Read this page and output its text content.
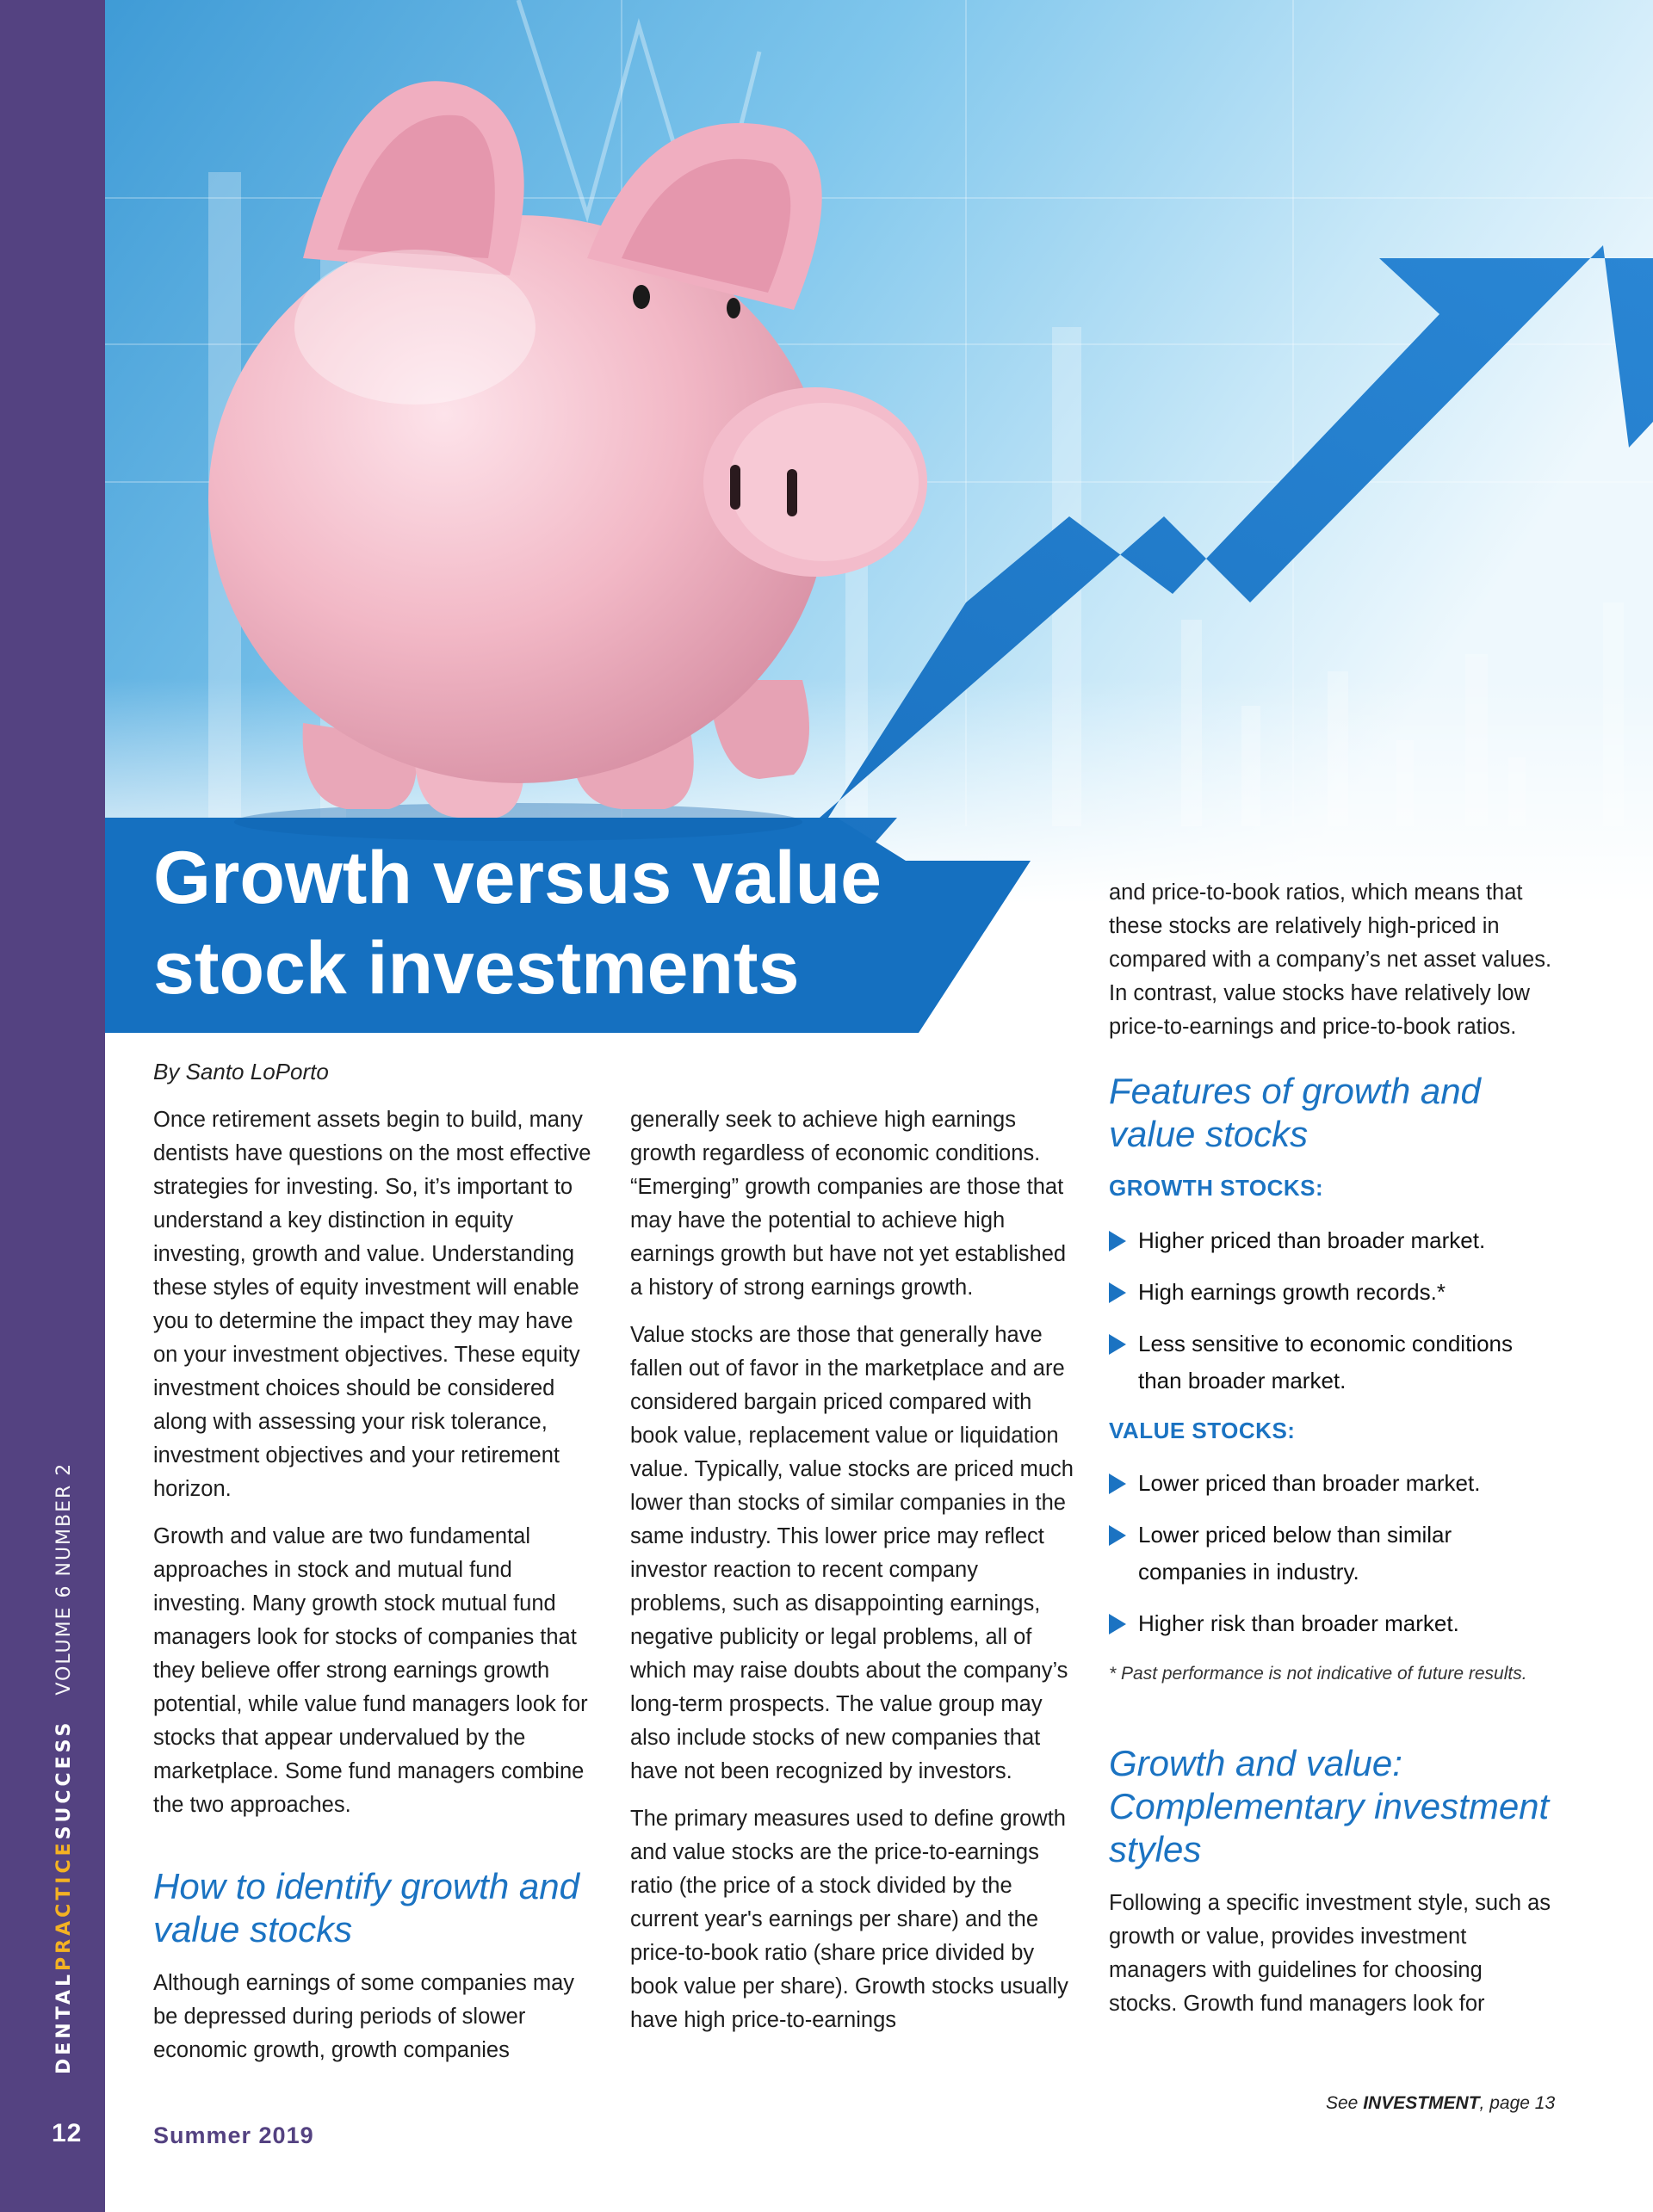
DENTALPRACTICESUCCESSVOLUME 6 NUMBER 2
12	Summer 2019
Growth versus value
stock investments
By Santo LoPorto

Once retirement assets begin to build, many dentists have questions on the most effective strategies for investing. So, it’s important to understand a key distinction in equity investing, growth and value. Understanding these styles of equity investment will enable you to determine the impact they may have on your investment objectives. These equity investment choices should be considered along with assessing your risk tolerance, investment objectives and your retirement horizon.

Growth and value are two fundamental approaches in stock and mutual fund investing. Many growth stock mutual fund managers look for stocks of companies that they believe offer strong earnings growth potential, while value fund managers look for stocks that appear undervalued by the marketplace. Some fund managers combine the two approaches.

How to identify growth and value stocks

Although earnings of some companies may be depressed during periods of slower economic growth, growth companies

generally seek to achieve high earnings growth regardless of economic conditions. “Emerging” growth companies are those that may have the potential to achieve high earnings growth but have not yet established a history of strong earnings growth.

Value stocks are those that generally have fallen out of favor in the marketplace and are considered bargain priced compared with book value, replacement value or liquidation value. Typically, value stocks are priced much lower than stocks of similar companies in the same industry. This lower price may reflect investor reaction to recent company problems, such as disappointing earnings, negative publicity or legal problems, all of which may raise doubts about the company’s long-term prospects. The value group may also include stocks of new companies that have not been recognized by investors.

The primary measures used to define growth and value stocks are the price-to-earnings ratio (the price of a stock divided by the current year's earnings per share) and the price-to-book ratio (share price divided by book value per share). Growth stocks usually have high price-to-earnings

and price-to-book ratios, which means that these stocks are relatively high-priced in compared with a company’s net asset values. In contrast, value stocks have relatively low price-to-earnings and price-to-book ratios.

Features of growth and value stocks
GROWTH STOCKS:
Higher priced than broader market.
High earnings growth records.*
Less sensitive to economic conditions than broader market.
VALUE STOCKS:
Lower priced than broader market.
Lower priced below than similar companies in industry.
Higher risk than broader market.

* Past performance is not indicative of future results.

Growth and value: Complementary investment styles

Following a specific investment style, such as growth or value, provides investment managers with guidelines for choosing stocks. Growth fund managers look for

See INVESTMENT, page 13
